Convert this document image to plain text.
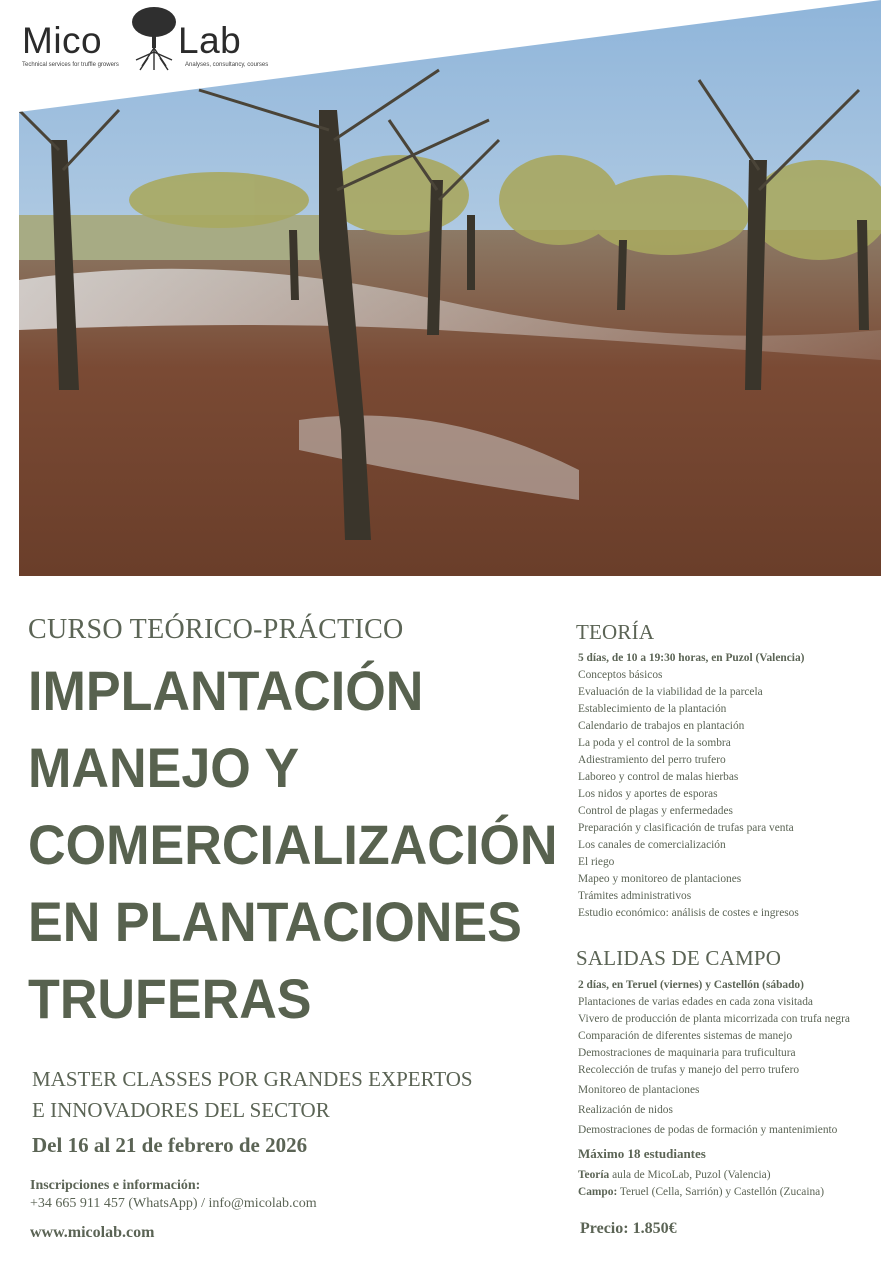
Mico Lab
Technical services for truffle growers	Analyses, consultancy, courses
CURSO TEÓRICO-PRÁCTICO
IMPLANTACIÓN
MANEJO Y
COMERCIALIZACIÓN
EN PLANTACIONES
TRUFERAS
MASTER CLASSES POR GRANDES EXPERTOS
E INNOVADORES DEL SECTOR
Del 16 al 21 de febrero de 2026
Inscripciones e información:
+34 665 911 457 (WhatsApp) / info@micolab.com
www.micolab.com
TEORÍA
5 días, de 10 a 19:30 horas, en Puzol (Valencia)
Conceptos básicos
Evaluación de la viabilidad de la parcela
Establecimiento de la plantación
Calendario de trabajos en plantación
La poda y el control de la sombra
Adiestramiento del perro trufero
Laboreo y control de malas hierbas
Los nidos y aportes de esporas
Control de plagas y enfermedades
Preparación y clasificación de trufas para venta
Los canales de comercialización
El riego
Mapeo y monitoreo de plantaciones
Trámites administrativos
Estudio económico: análisis de costes e ingresos
SALIDAS DE CAMPO
2 días, en Teruel (viernes) y Castellón (sábado)
Plantaciones de varias edades en cada zona visitada
Vivero de producción de planta micorrizada con trufa negra
Comparación de diferentes sistemas de manejo
Demostraciones de maquinaria para truficultura
Recolección de trufas y manejo del perro trufero
Monitoreo de plantaciones
Realización de nidos
Demostraciones de podas de formación y mantenimiento
Máximo 18 estudiantes
Teoría aula de MicoLab, Puzol (Valencia)
Campo: Teruel (Cella, Sarrión) y Castellón (Zucaina)
Precio: 1.850€
